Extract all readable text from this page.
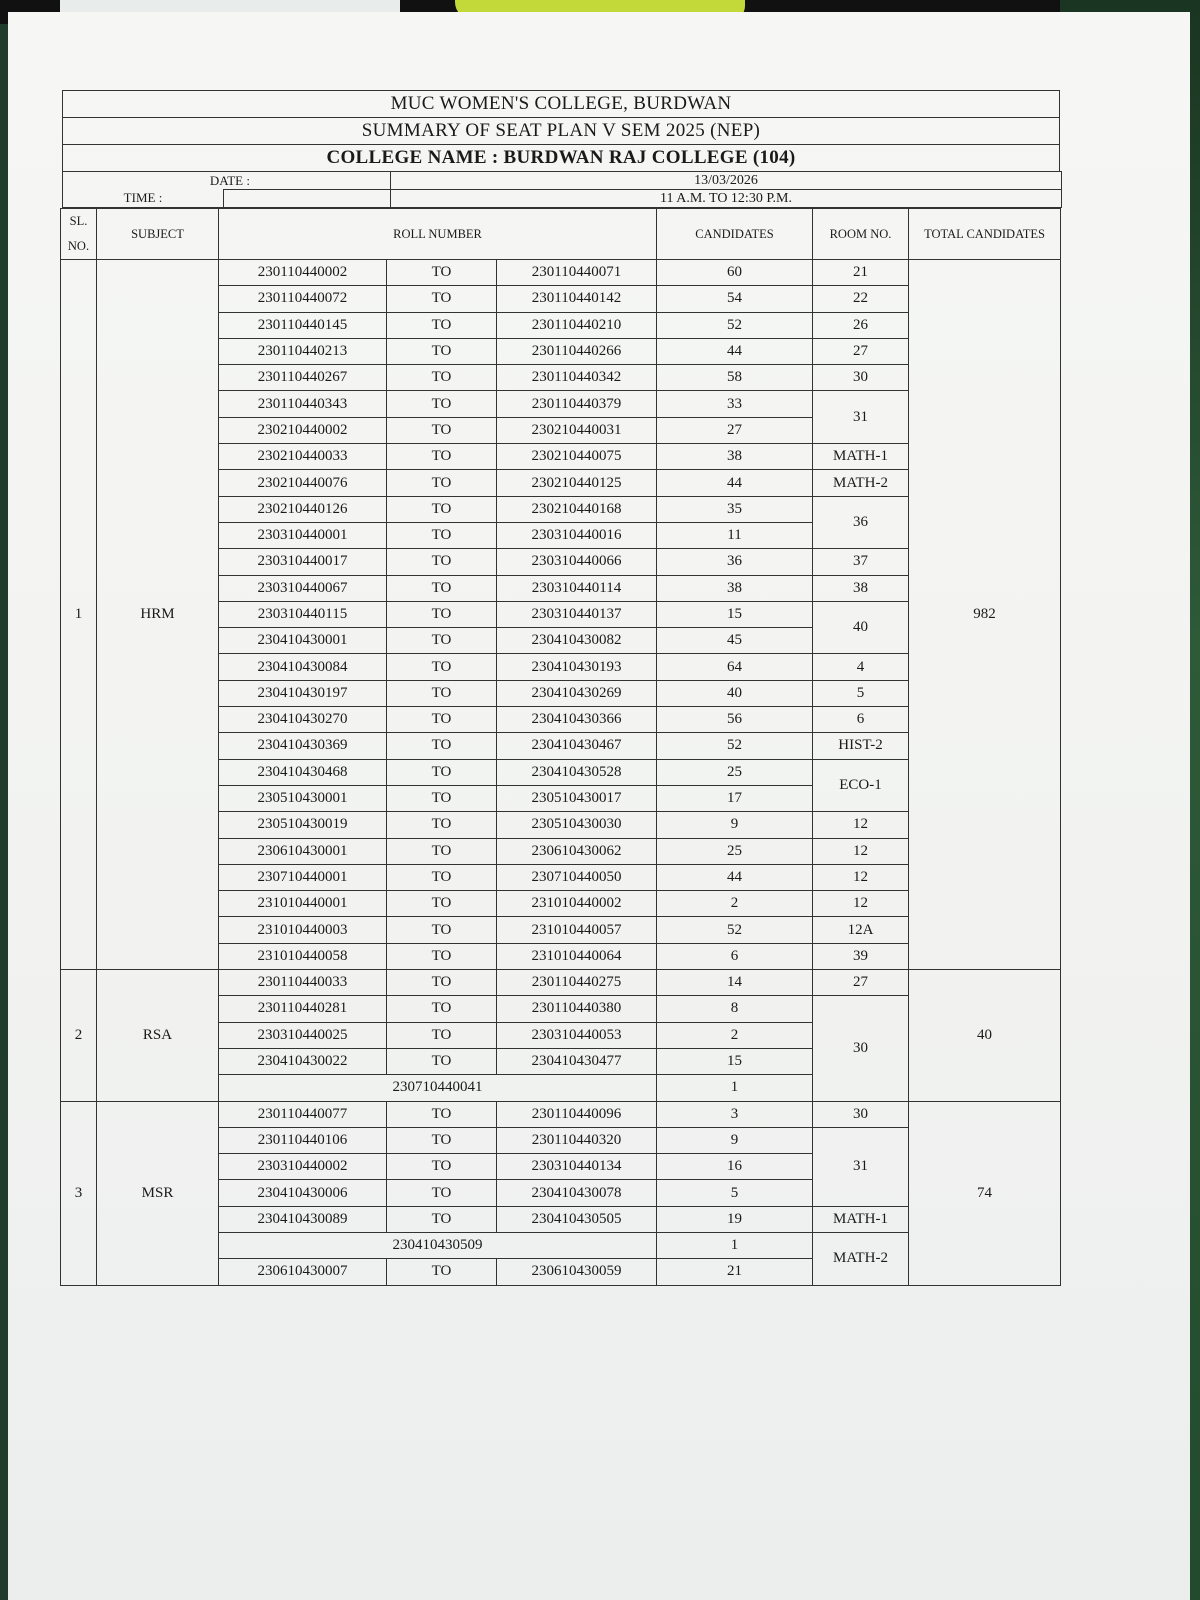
MUC WOMEN'S COLLEGE, BURDWAN
SUMMARY OF SEAT PLAN V SEM 2025 (NEP)
COLLEGE NAME : BURDWAN RAJ COLLEGE (104)
DATE :		13/03/2026
TIME :		11 A.M. TO 12:30 P.M.
SL. NO.	SUBJECT	ROLL NUMBER			CANDIDATES	ROOM NO.	TOTAL CANDIDATES
1	HRM	230110440002	TO	230110440071	60	21	982
		230110440072	TO	230110440142	54	22	
		230110440145	TO	230110440210	52	26	
		230110440213	TO	230110440266	44	27	
		230110440267	TO	230110440342	58	30	
		230110440343	TO	230110440379	33	31	
		230210440002	TO	230210440031	27		
		230210440033	TO	230210440075	38	MATH-1	
		230210440076	TO	230210440125	44	MATH-2	
		230210440126	TO	230210440168	35	36	
		230310440001	TO	230310440016	11		
		230310440017	TO	230310440066	36	37	
		230310440067	TO	230310440114	38	38	
		230310440115	TO	230310440137	15	40	
		230410430001	TO	230410430082	45		
		230410430084	TO	230410430193	64	4	
		230410430197	TO	230410430269	40	5	
		230410430270	TO	230410430366	56	6	
		230410430369	TO	230410430467	52	HIST-2	
		230410430468	TO	230410430528	25	ECO-1	
		230510430001	TO	230510430017	17		
		230510430019	TO	230510430030	9	12	
		230610430001	TO	230610430062	25	12	
		230710440001	TO	230710440050	44	12	
		231010440001	TO	231010440002	2	12	
		231010440003	TO	231010440057	52	12A	
		231010440058	TO	231010440064	6	39	
2	RSA	230110440033	TO	230110440275	14	27	40
		230110440281	TO	230110440380	8	30	
		230310440025	TO	230310440053	2		
		230410430022	TO	230410430477	15		
		230710440041			1		
3	MSR	230110440077	TO	230110440096	3	30	74
		230110440106	TO	230110440320	9	31	
		230310440002	TO	230310440134	16		
		230410430006	TO	230410430078	5		
		230410430089	TO	230410430505	19	MATH-1	
		230410430509			1	MATH-2	
		230610430007	TO	230610430059	21		
